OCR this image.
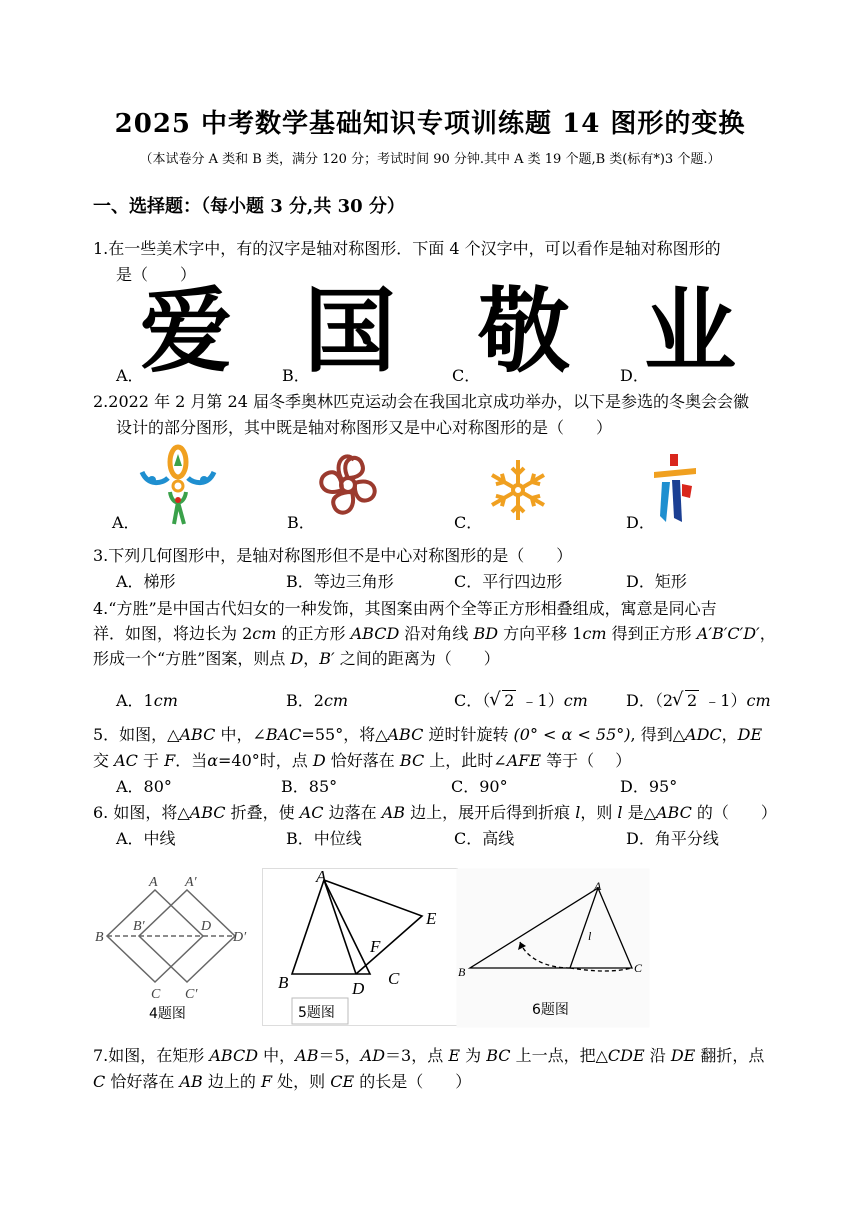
2025 中考数学基础知识专项训练题 14 图形的变换
（本试卷分 A 类和 B 类，满分 120 分；考试时间 90 分钟.其中 A 类 19 个题,B 类(标有*)3 个题.）
一、选择题：（每小题 3 分,共 30 分）
1.在一些美术字中，有的汉字是轴对称图形．下面 4 个汉字中，可以看作是轴对称图形的
是（　　）
A．
爱	B．
国	C．
敬	D．
业
2.2022 年 2 月第 24 届冬季奥林匹克运动会在我国北京成功举办，以下是参选的冬奥会会徽
设计的部分图形，其中既是轴对称图形又是中心对称图形的是（　　）
A．	B．	C．	D．
3.下列几何图形中，是轴对称图形但不是中心对称图形的是（　　）
A．梯形	B．等边三角形	C．平行四边形	D．矩形
4.“方胜”是中国古代妇女的一种发饰，其图案由两个全等正方形相叠组成，寓意是同心吉
祥．如图，将边长为 2cm 的正方形 ABCD 沿对角线 BD 方向平移 1cm 得到正方形 A′B′C′D′，
形成一个“方胜”图案，则点 D，B′ 之间的距离为（　　）
A．1cm	B．2cm	C．（ √ 2 ﹣1）cm D．（2 √ 2 ﹣1）cm
5．如图，△ABC 中，∠BAC=55°，将△ABC 逆时针旋转 (0° < α < 55°), 得到△ADC，DE
交 AC 于 F．当α=40°时，点 D 恰好落在 BC 上，此时∠AFE 等于（　 ）
A．80°	B．85°	C．90°	D．95°
6. 如图，将△ABC 折叠，使 AC 边落在 AB 边上，展开后得到折痕 l，则 l 是△ABC 的（　　）
A．中线	B．中位线	C．高线	D．角平分线
A A′
B
B′	D
D′
C C′
4题图
A
E
F
B	D
C
5题图
A
B	C
l
6题图
7.如图，在矩形 ABCD 中，AB＝5，AD＝3，点 E 为 BC 上一点，把△CDE 沿 DE 翻折，点
C 恰好落在 AB 边上的 F 处，则 CE 的长是（　　）
